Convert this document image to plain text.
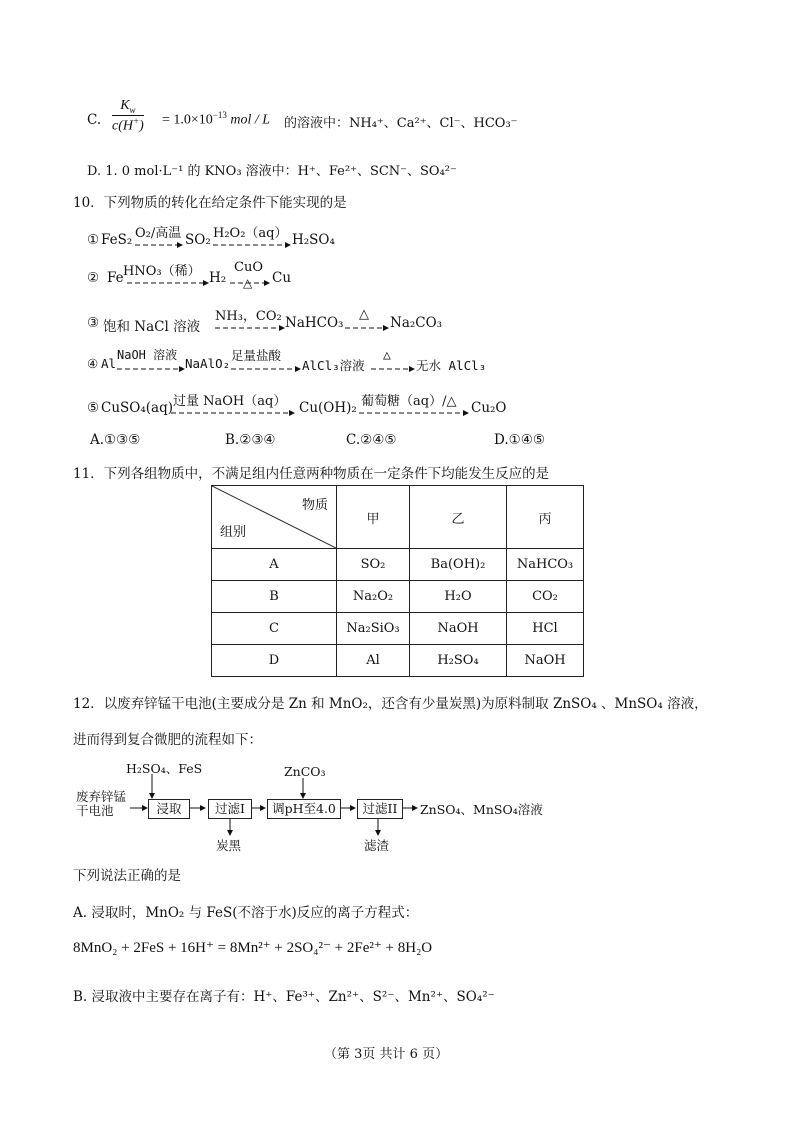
C. $\frac{K_w}{c(H^+)} = 1.0\times 10^{-13}$ mol / L 的溶液中：NH₄⁺、Ca²⁺、Cl⁻、HCO₃⁻
D. 1. 0 mol·L⁻¹ 的 KNO₃ 溶液中：H⁺、Fe²⁺、SCN⁻、SO₄²⁻
10．下列物质的转化在给定条件下能实现的是
① FeS₂ O₂/高温 SO₂ H₂O₂（aq） H₂SO₄
② Fe HNO₃（稀） H₂
CuO
△ Cu
③ 饱和 NaCl 溶液
NH₃，CO₂ NaHCO₃
△
Na₂CO₃
④ Al
NaOH 溶液
NaAlO₂
足量盐酸
AlCl₃溶液
△
无水 AlCl₃
⑤ CuSO₄(aq) 过量 NaOH（aq） Cu(OH)₂ 葡萄糖（aq）/△ Cu₂O
A.①③⑤	B.②③④	C.②④⑤	D.①④⑤
11．下列各组物质中，不满足组内任意两种物质在一定条件下均能发生反应的是
物质
组别	甲	乙	丙
A	SO₂	Ba(OH)₂	NaHCO₃
B	Na₂O₂	H₂O	CO₂
C	Na₂SiO₃	NaOH	HCl
D	Al	H₂SO₄	NaOH
12．以废弃锌锰干电池(主要成分是 Zn 和 MnO₂，还含有少量炭黑)为原料制取 ZnSO₄ 、MnSO₄ 溶液，
进而得到复合微肥的流程如下：
废弃锌锰干电池
H₂SO₄、FeS
浸取	过滤I
炭黑
ZnCO₃
调pH至4.0	过滤II
滤渣
ZnSO₄、MnSO₄溶液
下列说法正确的是
A. 浸取时，MnO₂ 与 FeS(不溶于水)反应的离子方程式：
8MnO₂ + 2FeS + 16H⁺ = 8Mn²⁺ + 2SO₄²⁻ + 2Fe²⁺ + 8H₂O
B. 浸取液中主要存在离子有：H⁺、Fe³⁺、Zn²⁺、S²⁻、Mn²⁺、SO₄²⁻
（第 3页 共计 6 页）
